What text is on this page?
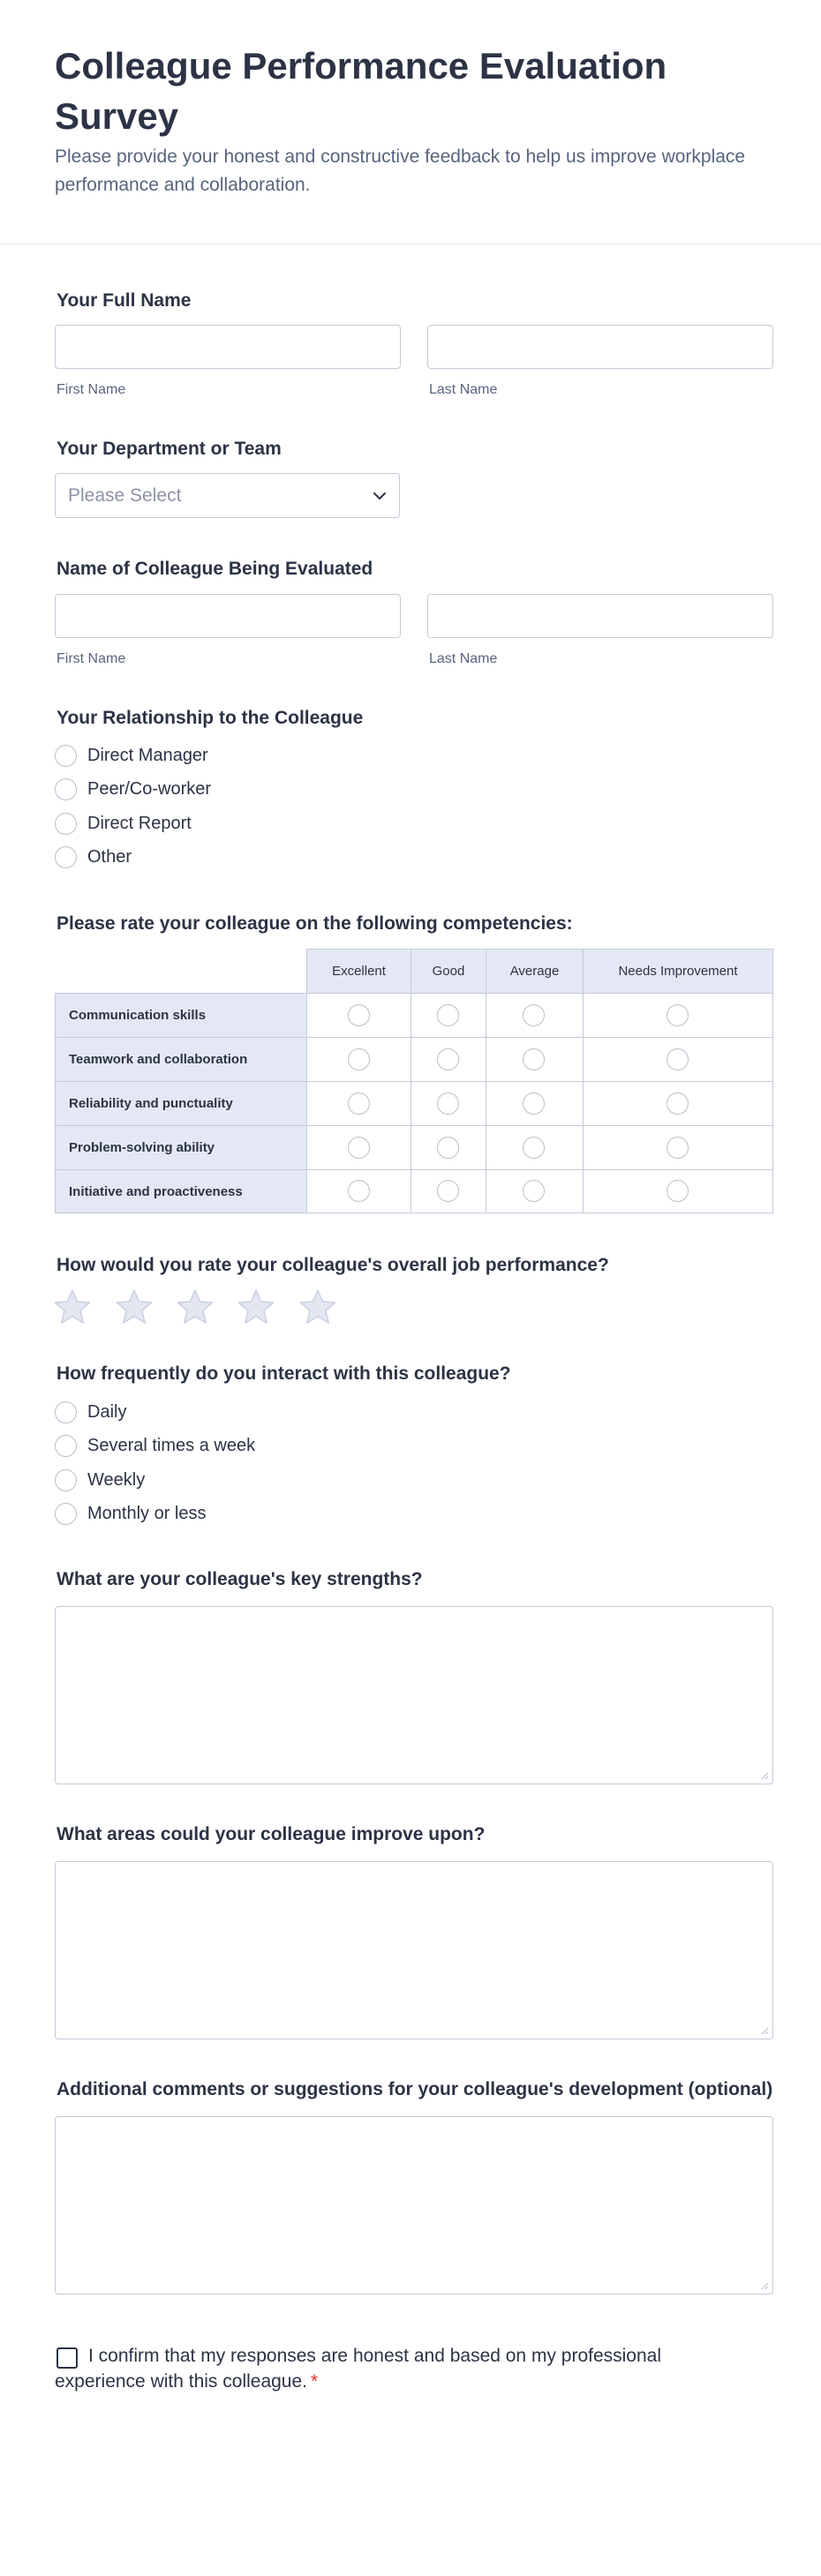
Colleague Performance Evaluation Survey
Please provide your honest and constructive feedback to help us improve workplace performance and collaboration.
Your Full Name
First Name	Last Name
Your Department or Team
Please Select
Name of Colleague Being Evaluated
First Name	Last Name
Your Relationship to the Colleague
Direct Manager
Peer/Co-worker
Direct Report
Other
Please rate your colleague on the following competencies:
Excellent	Good	Average	Needs Improvement
Communication skills
Teamwork and collaboration
Reliability and punctuality
Problem-solving ability
Initiative and proactiveness
How would you rate your colleague's overall job performance?
How frequently do you interact with this colleague?
Daily
Several times a week
Weekly
Monthly or less
What are your colleague's key strengths?
What areas could your colleague improve upon?
Additional comments or suggestions for your colleague's development (optional)
I confirm that my responses are honest and based on my professional experience with this colleague. *
